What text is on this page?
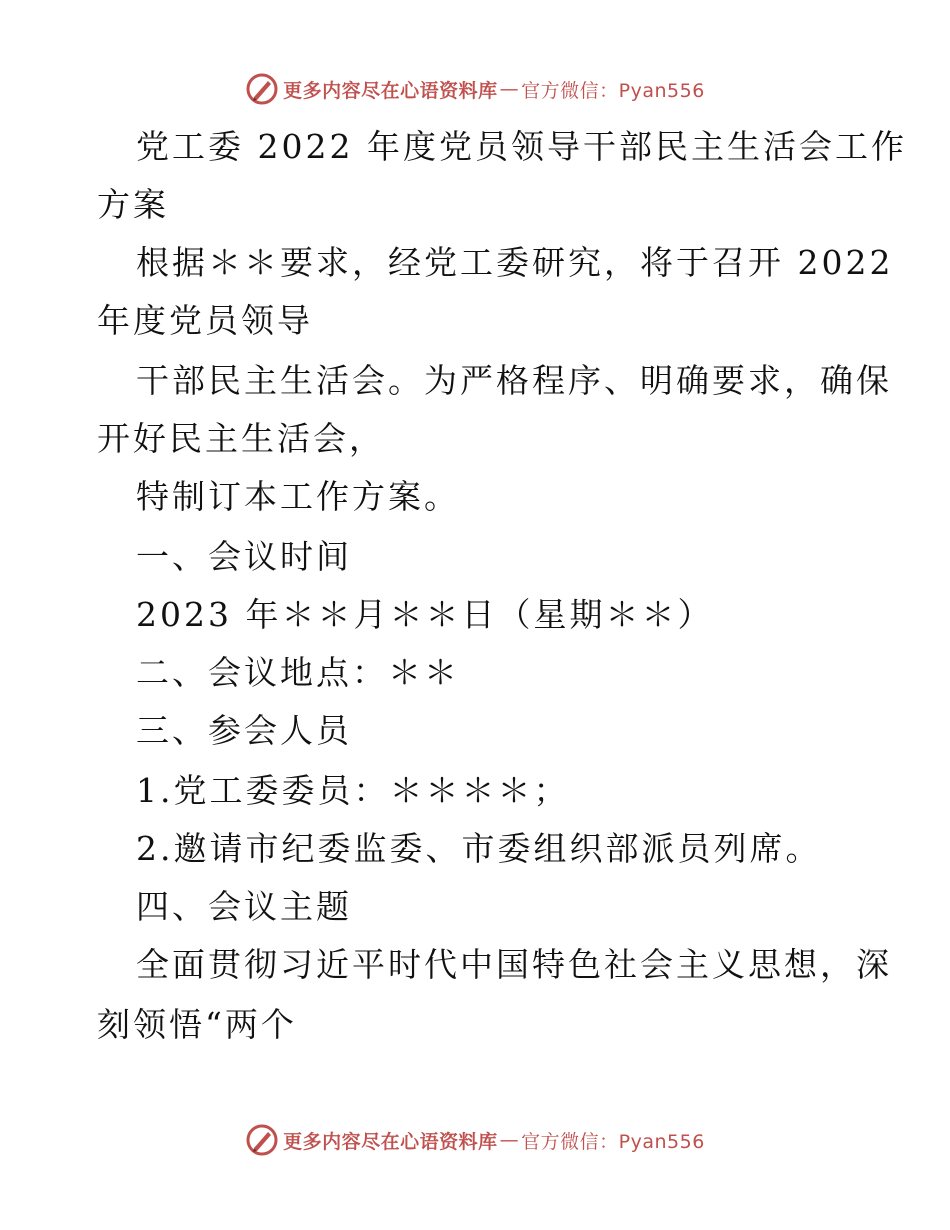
更多内容尽在心语资料库 — 官方微信：Pyan556
党工委 2022 年度党员领导干部民主生活会工作
方案
根据＊＊要求，经党工委研究，将于召开 2022
年度党员领导
干部民主生活会。为严格程序、明确要求，确保
开好民主生活会，
特制订本工作方案。
一、会议时间
2023 年＊＊月＊＊日（星期＊＊）
二、会议地点：＊＊
三、参会人员
1.党工委委员：＊＊＊＊；
2.邀请市纪委监委、市委组织部派员列席。
四、会议主题
全面贯彻习近平时代中国特色社会主义思想，深
刻领悟“两个
更多内容尽在心语资料库 — 官方微信：Pyan556
